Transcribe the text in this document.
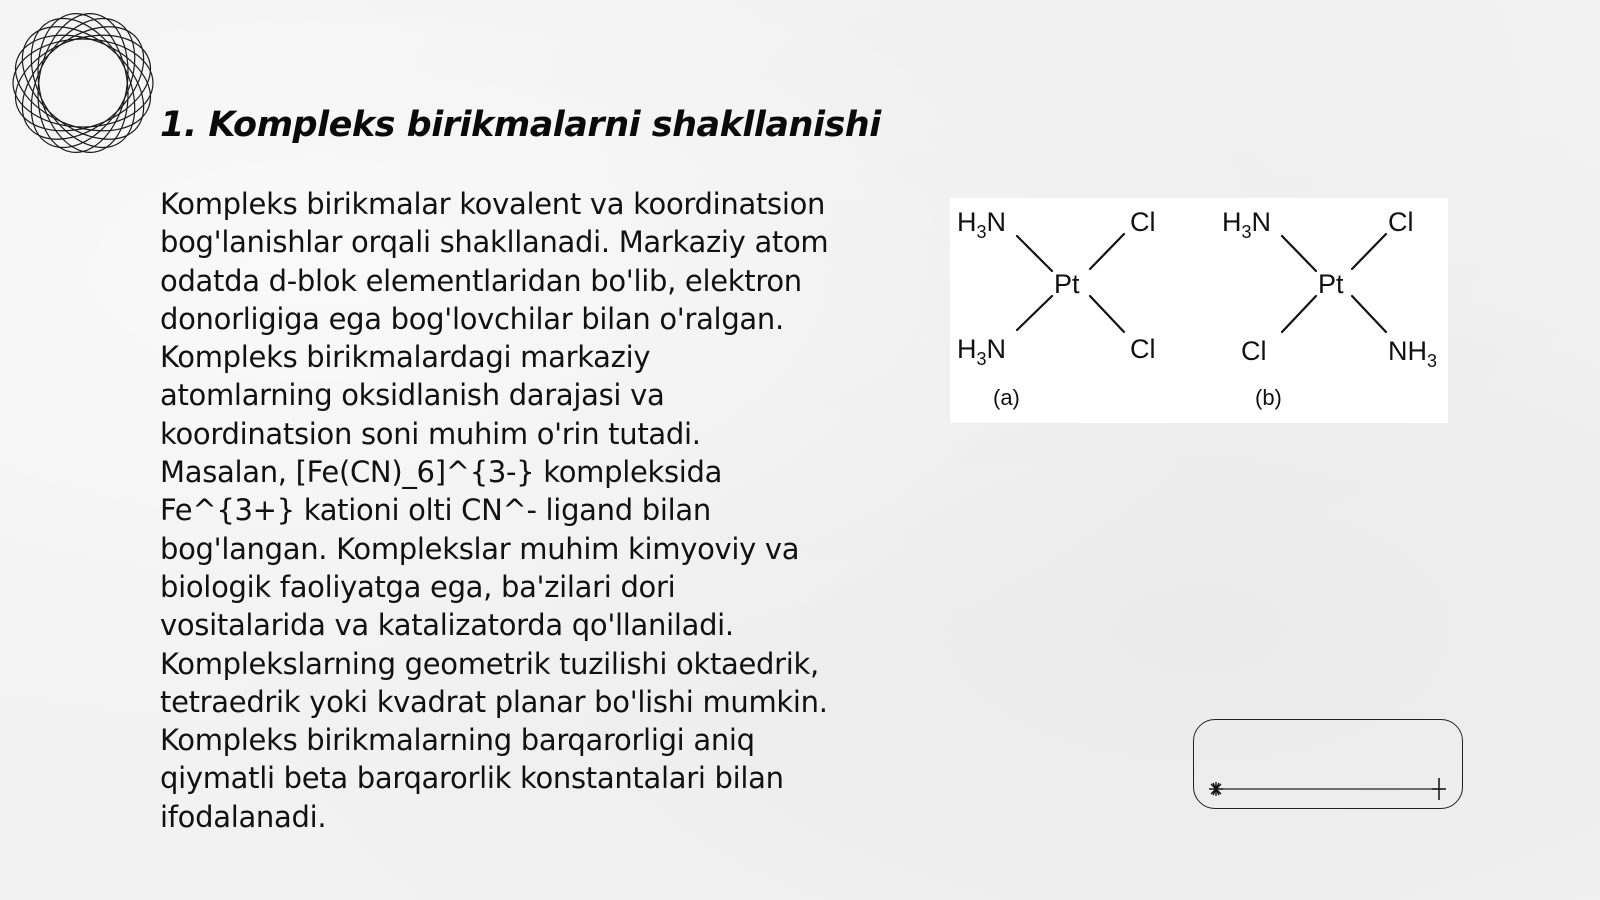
1. Kompleks birikmalarni shakllanishi

Kompleks birikmalar kovalent va koordinatsion bog'lanishlar orqali shakllanadi. Markaziy atom odatda d-blok elementlaridan bo'lib, elektron donorligiga ega bog'lovchilar bilan o'ralgan. Kompleks birikmalardagi markaziy atomlarning oksidlanish darajasi va koordinatsion soni muhim o'rin tutadi. Masalan, [Fe(CN)_6]^{3-} kompleksida Fe^{3+} kationi olti CN^- ligand bilan bog'langan. Komplekslar muhim kimyoviy va biologik faoliyatga ega, ba'zilari dori vositalarida va katalizatorda qo'llaniladi. Komplekslarning geometrik tuzilishi oktaedrik, tetraedrik yoki kvadrat planar bo'lishi mumkin. Kompleks birikmalarning barqarorligi aniq qiymatli beta barqarorlik konstantalari bilan ifodalanadi.

$H_3N$	Cl
Pt
$H_3N$	Cl
(a)
$H_3N$	Cl
Pt
Cl	$NH_3$
(b)
